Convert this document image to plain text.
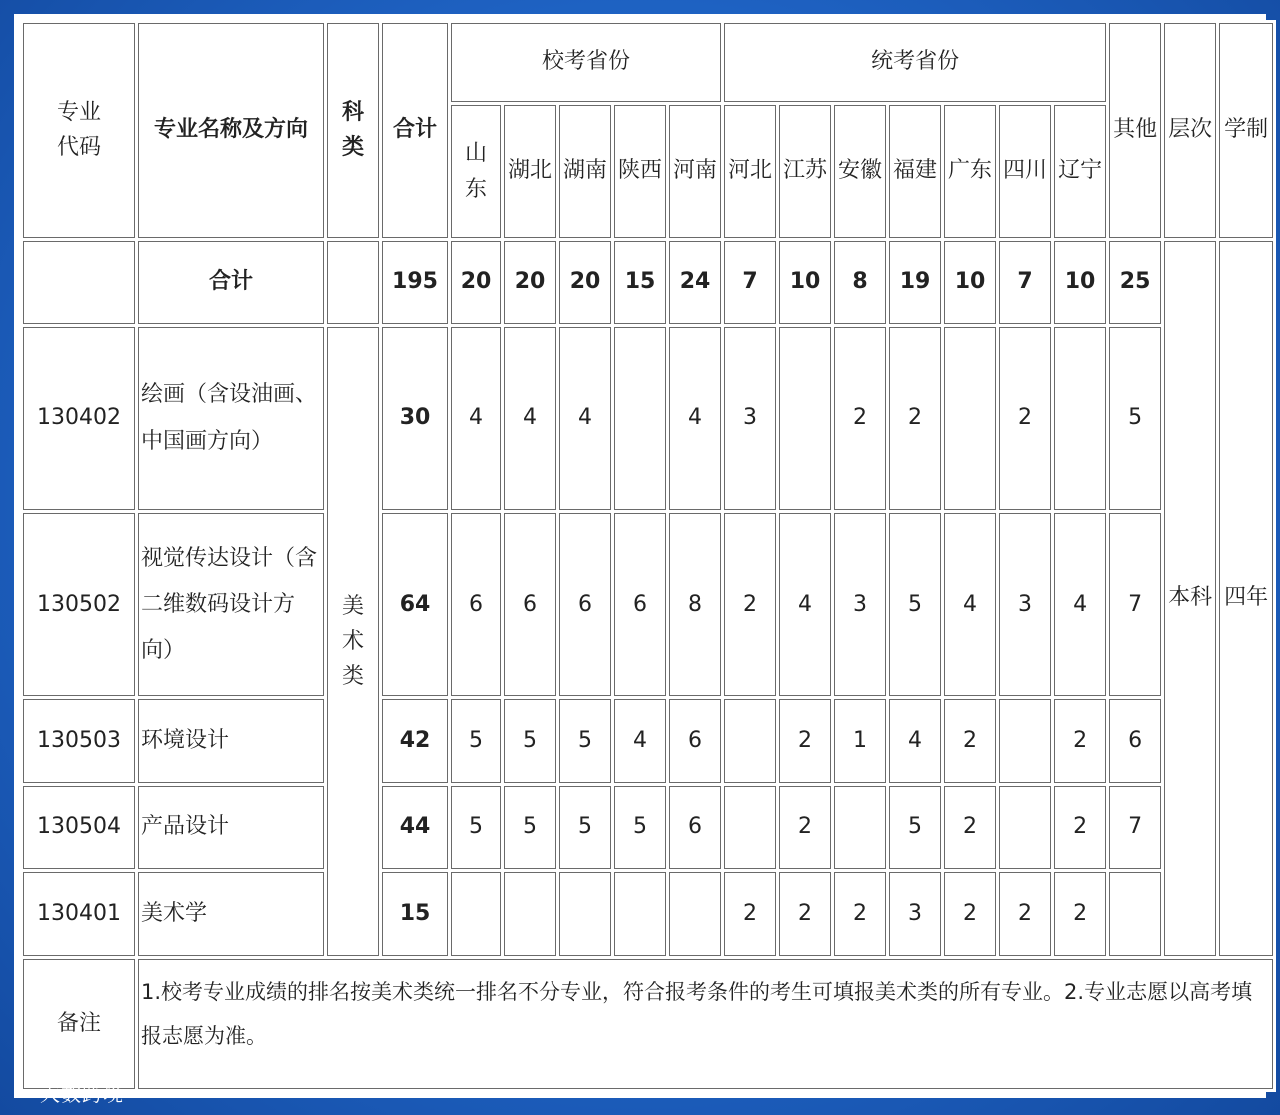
专业代码	专业名称及方向	科类	合计	校考省份					统考省份							其他	层次	学制
				山东	湖北	湖南	陕西	河南	河北	江苏	安徽	福建	广东	四川	辽宁			
	合计		195	20	20	20	15	24	7	10	8	19	10	7	10	25	本科	四年
130402	绘画（含设油画、中国画方向）	美术类	30	4	4	4		4	3		2	2		2		5		
130502	视觉传达设计（含二维数码设计方向）		64	6	6	6	6	8	2	4	3	5	4	3	4	7		
130503	环境设计		42	5	5	5	4	6		2	1	4	2		2	6		
130504	产品设计		44	5	5	5	5	6		2		5	2		2	7		
130401	美术学		15						2	2	2	3	2	2	2			
备注	1.校考专业成绩的排名按美术类统一排名不分专业，符合报考条件的考生可填报美术类的所有专业。2.专业志愿以高考填报志愿为准。																	
大数跨境
